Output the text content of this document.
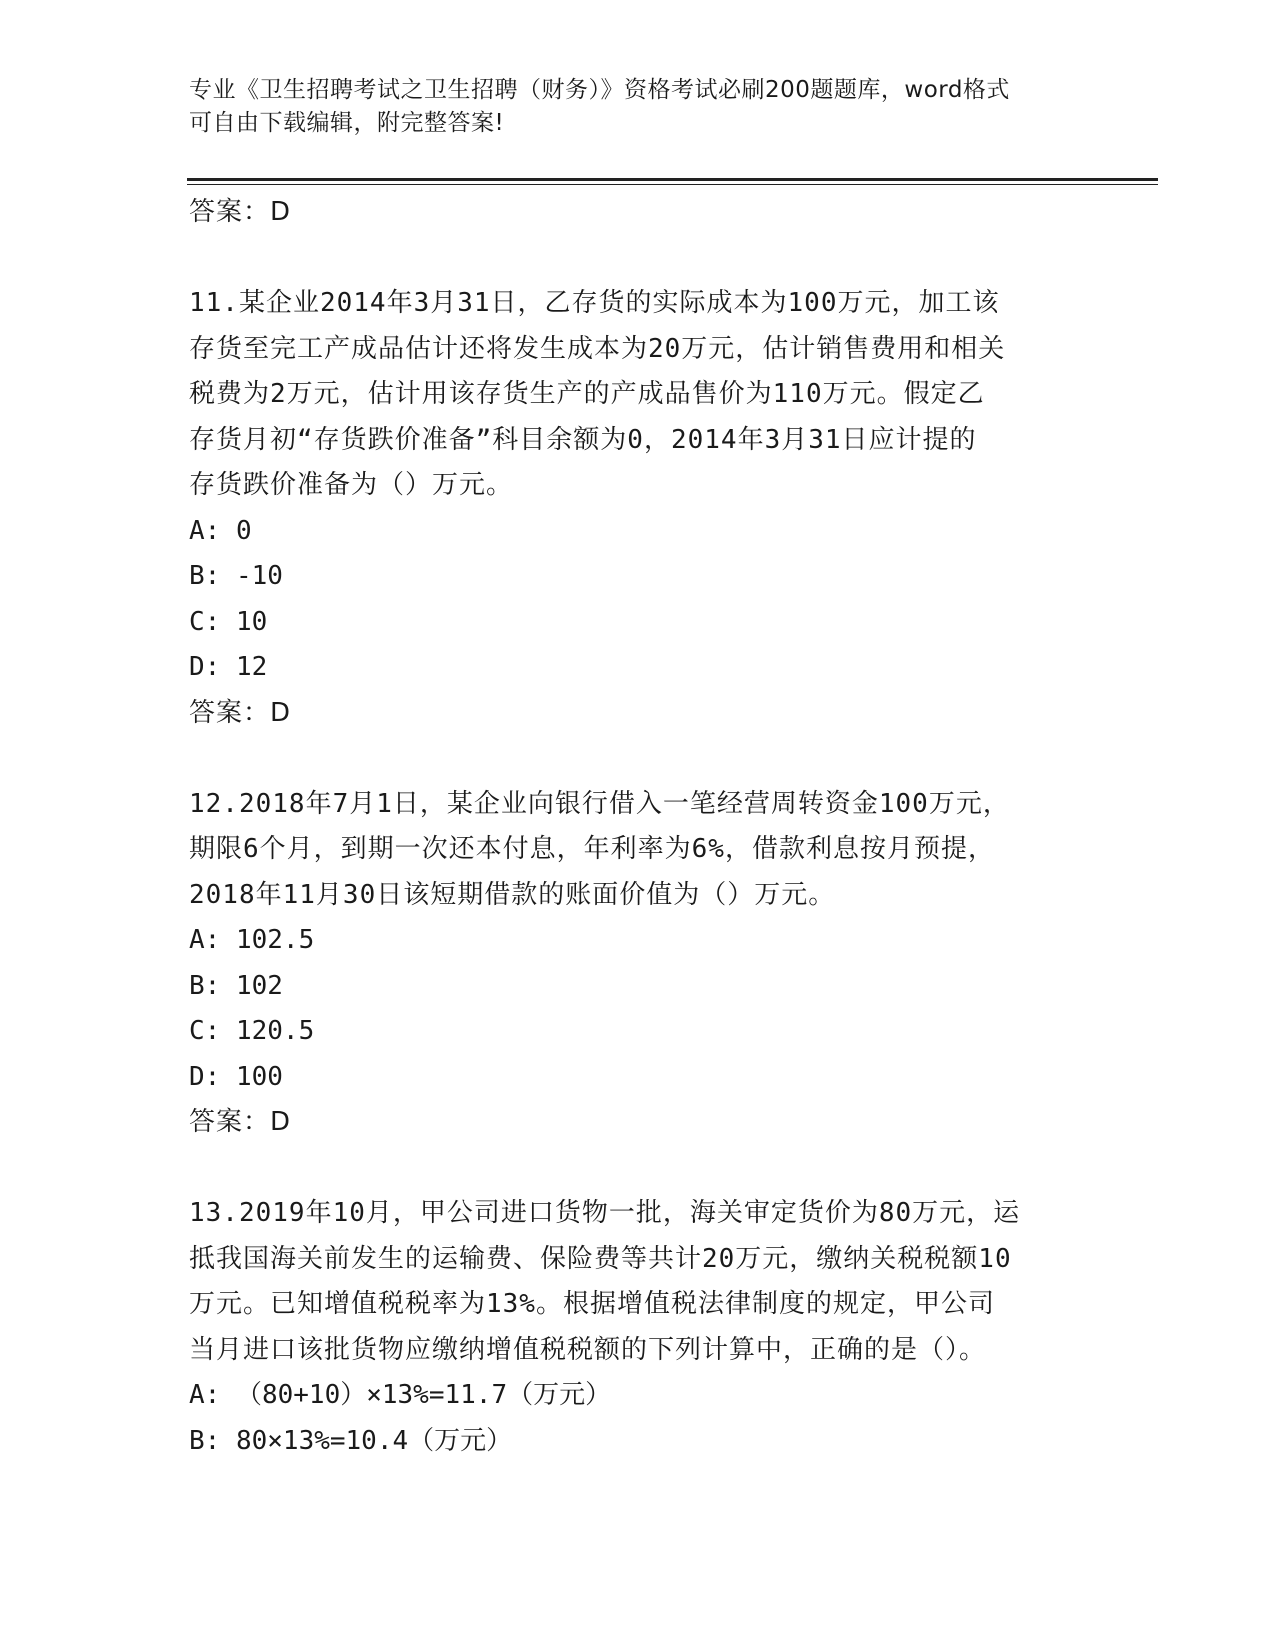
专业《卫生招聘考试之卫生招聘（财务）》资格考试必刷200题题库，word格式
可自由下载编辑，附完整答案!
答案：D

11.某企业2014年3月31日，乙存货的实际成本为100万元，加工该

存货至完工产成品估计还将发生成本为20万元，估计销售费用和相关

税费为2万元，估计用该存货生产的产成品售价为110万元。假定乙

存货月初“存货跌价准备”科目余额为0，2014年3月31日应计提的

存货跌价准备为（）万元。

A: 0

B: -10

C: 10

D: 12

答案：D

12.2018年7月1日，某企业向银行借入一笔经营周转资金100万元，

期限6个月，到期一次还本付息，年利率为6%，借款利息按月预提，

2018年11月30日该短期借款的账面价值为（）万元。

A: 102.5

B: 102

C: 120.5

D: 100

答案：D

13.2019年10月，甲公司进口货物一批，海关审定货价为80万元，运

抵我国海关前发生的运输费、保险费等共计20万元，缴纳关税税额10

万元。已知增值税税率为13%。根据增值税法律制度的规定，甲公司

当月进口该批货物应缴纳增值税税额的下列计算中，正确的是（）。

A: （80+10）×13%=11.7（万元）

B: 80×13%=10.4（万元）
